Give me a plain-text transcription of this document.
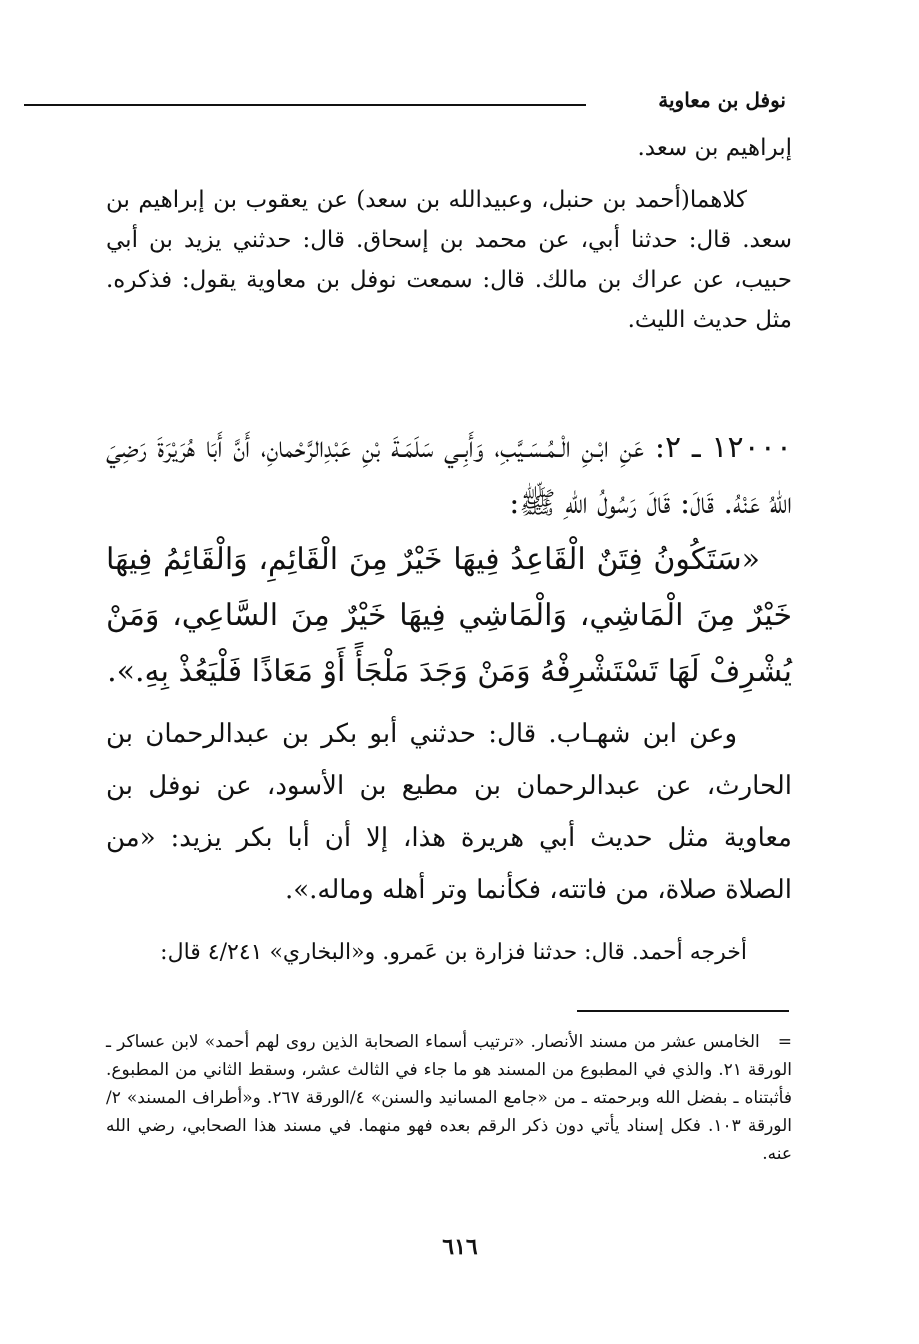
نوفل بن معاوية

إبراهيم بن سعد.

كلاهما(أحمد بن حنبل، وعبيدالله بن سعد) عن يعقوب بن إبراهيم بن سعد. قال: حدثنا أبي، عن محمد بن إسحاق. قال: حدثني يزيد بن أبي حبيب، عن عراك بن مالك. قال: سمعت نوفل بن معاوية يقول: فذكره. مثل حديث الليث.

١٢٠٠٠ ـ ٢: عَنِ ابْـنِ الْـمُـسَـيَّبِ، وَأَبِـي سَلَمَـةَ بْنِ عَبْدِالرَّحْمانِ، أَنَّ أَبَا هُرَيْرَةَ رَضِيَ اللهُ عَنْهُ. قَالَ: قَالَ رَسُولُ اللهِ ﷺ:

«سَتَكُونُ فِتَنٌ الْقَاعِدُ فِيهَا خَيْرٌ مِنَ الْقَائِمِ، وَالْقَائِمُ فِيهَا خَيْرٌ مِنَ الْمَاشِي، وَالْمَاشِي فِيهَا خَيْرٌ مِنَ السَّاعِي، وَمَنْ يُشْرِفْ لَهَا تَسْتَشْرِفْهُ وَمَنْ وَجَدَ مَلْجَأً أَوْ مَعَاذًا فَلْيَعُذْ بِهِ.».

وعن ابن شهـاب. قال: حدثني أبو بكر بن عبدالرحمان بن الحارث، عن عبدالرحمان بن مطيع بن الأسود، عن نوفل بن معاوية مثل حديث أبي هريرة هذا، إلا أن أبا بكر يزيد: «من الصلاة صلاة، من فاتته، فكأنما وتر أهله وماله.».

أخرجه أحمد. قال: حدثنا فزارة بن عَمرو. و«البخاري» ٤/٢٤١ قال:

=
الخامس عشر من مسند الأنصار. «ترتيب أسماء الصحابة الذين روى لهم أحمد» لابن عساكر ـ الورقة ٢١. والذي في المطبوع من المسند هو ما جاء في الثالث عشر، وسقط الثاني من المطبوع. فأثبتناه ـ بفضل الله وبرحمته ـ من «جامع المسانيد والسنن» ٤/الورقة ٢٦٧. و«أطراف المسند» ٢/الورقة ١٠٣. فكل إسناد يأتي دون ذكر الرقم بعده فهو منهما. في مسند هذا الصحابي، رضي الله عنه.

٦١٦
